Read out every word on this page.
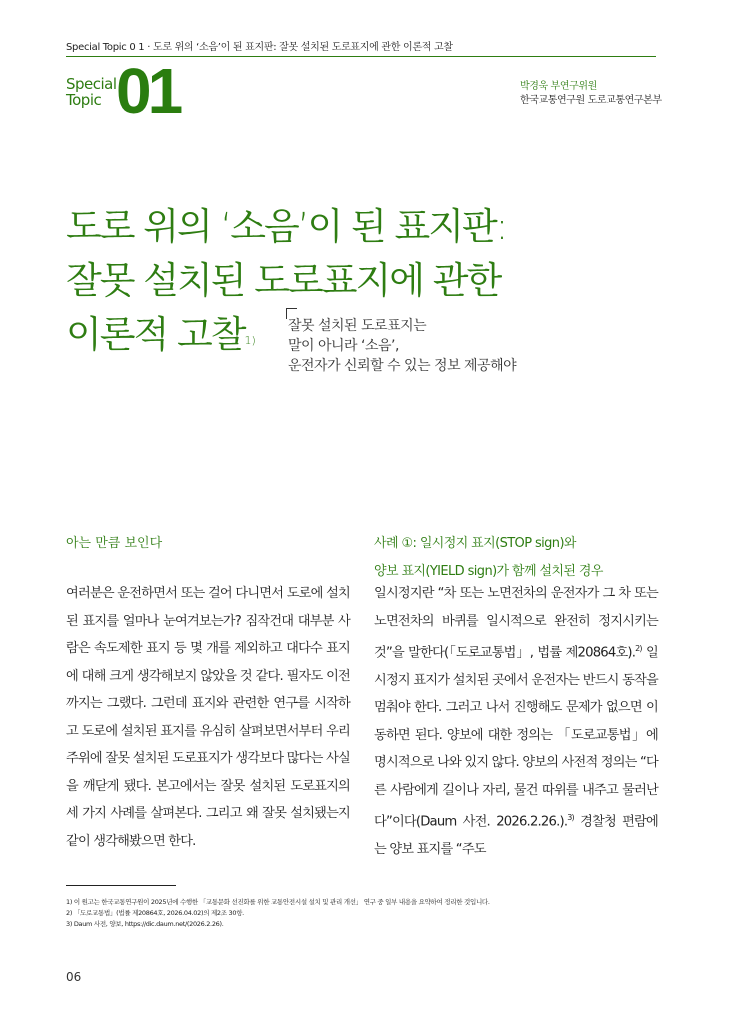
Special Topic 0 1 · 도로 위의 ‘소음’이 된 표지판: 잘못 설치된 도로표지에 관한 이론적 고찰
Special
Topic 01	박경욱 부연구위원
한국교통연구원 도로교통연구본부
도로 위의 ‘소음’이 된 표지판:
잘못 설치된 도로표지에 관한
이론적 고찰$^{1)}$
잘못 설치된 도로표지는
말이 아니라 ‘소음’,
운전자가 신뢰할 수 있는 정보 제공해야
아는 만큼 보인다
여러분은 운전하면서 또는 걸어 다니면서 도로에 설치된 표지를 얼마나 눈여겨보는가? 짐작건대 대부분 사람은 속도제한 표지 등 몇 개를 제외하고 대다수 표지에 대해 크게 생각해보지 않았을 것 같다. 필자도 이전까지는 그랬다. 그런데 표지와 관련한 연구를 시작하고 도로에 설치된 표지를 유심히 살펴보면서부터 우리 주위에 잘못 설치된 도로표지가 생각보다 많다는 사실을 깨닫게 됐다. 본고에서는 잘못 설치된 도로표지의 세 가지 사례를 살펴본다. 그리고 왜 잘못 설치됐는지 같이 생각해봤으면 한다.
사례 ①: 일시정지 표지(STOP sign)와
양보 표지(YIELD sign)가 함께 설치된 경우
일시정지란 “차 또는 노면전차의 운전자가 그 차 또는 노면전차의 바퀴를 일시적으로 완전히 정지시키는 것”을 말한다(「도로교통법」, 법률 제20864호).$^{2)}$ 일시정지 표지가 설치된 곳에서 운전자는 반드시 동작을 멈춰야 한다. 그러고 나서 진행해도 문제가 없으면 이동하면 된다. 양보에 대한 정의는 「도로교통법」에 명시적으로 나와 있지 않다. 양보의 사전적 정의는 “다른 사람에게 길이나 자리, 물건 따위를 내주고 물러난다”이다(Daum 사전. 2026.2.26.).$^{3)}$ 경찰청 편람에는 양보 표지를 “주도
1) 이 원고는 한국교통연구원이 2025년에 수행한 「교통문화 선진화를 위한 교통안전시설 설치 및 관리 개선」 연구 중 일부 내용을 요약하여 정리한 것입니다.
2) 「도로교통법」(법률 제20864호, 2026.04.02)의 제2조 30항.
3) Daum 사전, 양보, https://dic.daum.net/(2026.2.26).
06
